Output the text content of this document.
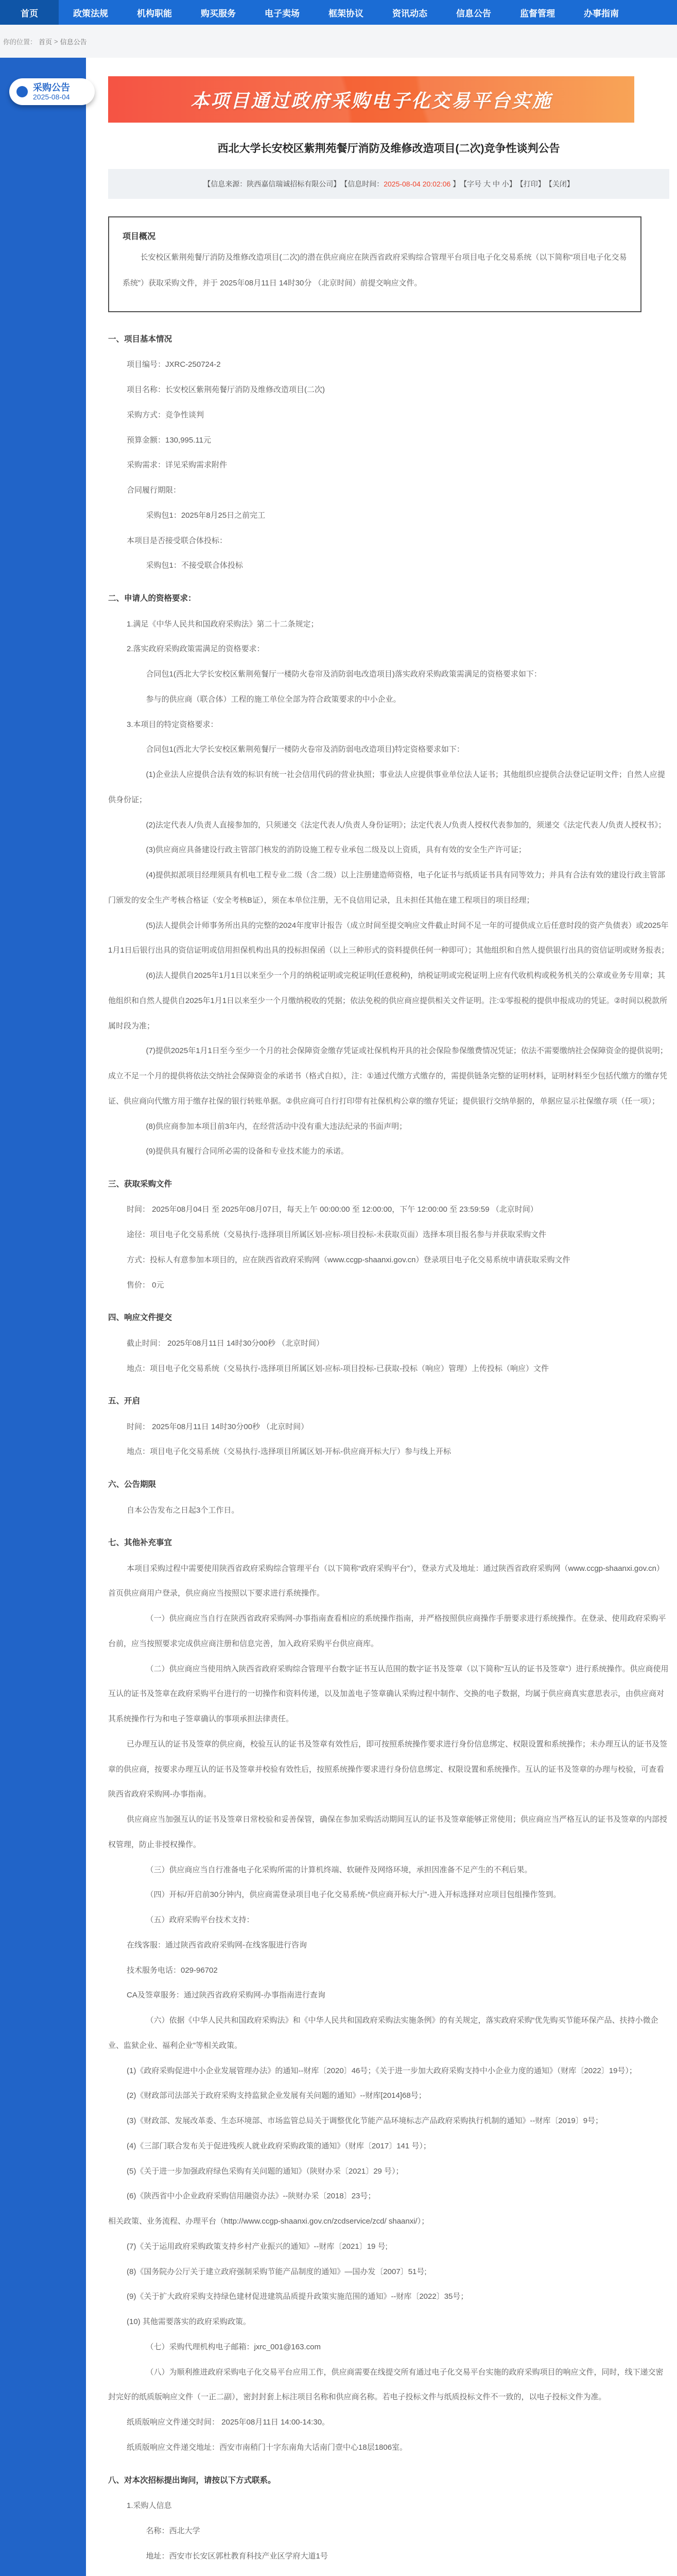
首页	政策法规	机构职能	购买服务	电子卖场	框架协议	资讯动态	信息公告	监督管理	办事指南
你的位置： 首页 > 信息公告
采购公告
2025-08-04	本项目通过政府采购电子化交易平台实施
西北大学长安校区紫荆苑餐厅消防及维修改造项目(二次)竞争性谈判公告
【信息来源：陕西嘉信瑞诚招标有限公司】 【信息时间： 2025-08-04 20:02:06 】 【字号 大 中 小】 【打印】 【关闭】
项目概况
长安校区紫荆苑餐厅消防及维修改造项目(二次)的潜在供应商应在陕西省政府采购综合管理平台项目电子化交易系统（以下简称“项目电子化交易系统”）获取采购文件，并于 2025年08月11日 14时30分 （北京时间）前提交响应文件。
一、项目基本情况
项目编号：JXRC-250724-2
项目名称：长安校区紫荆苑餐厅消防及维修改造项目(二次)
采购方式：竞争性谈判
预算金额：130,995.11元
采购需求：详见采购需求附件
合同履行期限：
采购包1：2025年8月25日之前完工
本项目是否接受联合体投标：
采购包1：不接受联合体投标
二、申请人的资格要求：
1.满足《中华人民共和国政府采购法》第二十二条规定；
2.落实政府采购政策需满足的资格要求：
合同包1(西北大学长安校区紫荆苑餐厅一楼防火卷帘及消防弱电改造项目)落实政府采购政策需满足的资格要求如下：
参与的供应商（联合体）工程的施工单位全部为符合政策要求的中小企业。
3.本项目的特定资格要求：
合同包1(西北大学长安校区紫荆苑餐厅一楼防火卷帘及消防弱电改造项目)特定资格要求如下：
(1)企业法人应提供合法有效的标识有统一社会信用代码的营业执照；事业法人应提供事业单位法人证书；其他组织应提供合法登记证明文件；自然人应提供身份证；
(2)法定代表人/负责人直接参加的，只须递交《法定代表人/负责人身份证明》；法定代表人/负责人授权代表参加的，须递交《法定代表人/负责人授权书》；
(3)供应商应具备建设行政主管部门核发的消防设施工程专业承包二级及以上资质，具有有效的安全生产许可证；
(4)提供拟派项目经理须具有机电工程专业二级（含二级）以上注册建造师资格，电子化证书与纸质证书具有同等效力；并具有合法有效的建设行政主管部门颁发的安全生产考核合格证（安全考核B证），须在本单位注册，无不良信用记录，且未担任其他在建工程项目的项目经理；
(5)法人提供会计师事务所出具的完整的2024年度审计报告（成立时间至提交响应文件截止时间不足一年的可提供成立后任意时段的资产负债表）或2025年1月1日后银行出具的资信证明或信用担保机构出具的投标担保函（以上三种形式的资料提供任何一种即可）；其他组织和自然人提供银行出具的资信证明或财务报表；
(6)法人提供自2025年1月1日以来至少一个月的纳税证明或完税证明(任意税种)，纳税证明或完税证明上应有代收机构或税务机关的公章或业务专用章；其他组织和自然人提供自2025年1月1日以来至少一个月缴纳税收的凭据；依法免税的供应商应提供相关文件证明。注:①零报税的提供申报成功的凭证。②时间以税款所属时段为准；
(7)提供2025年1月1日至今至少一个月的社会保障资金缴存凭证或社保机构开具的社会保险参保缴费情况凭证；依法不需要缴纳社会保障资金的提供说明；成立不足一个月的提供将依法交纳社会保障资金的承诺书（格式自拟），注：①通过代缴方式缴存的，需提供链条完整的证明材料，证明材料至少包括代缴方的缴存凭证、供应商向代缴方用于缴存社保的银行转账单据。②供应商可自行打印带有社保机构公章的缴存凭证；提供银行交纳单据的，单据应显示社保缴存项（任一项）；
(8)供应商参加本项目前3年内，在经营活动中没有重大违法纪录的书面声明；
(9)提供具有履行合同所必需的设备和专业技术能力的承诺。
三、获取采购文件
时间： 2025年08月04日 至 2025年08月07日，每天上午 00:00:00 至 12:00:00，下午 12:00:00 至 23:59:59 （北京时间）
途径：项目电子化交易系统（交易执行-选择项目所属区划-应标-项目投标-未获取页面）选择本项目报名参与并获取采购文件
方式：投标人有意参加本项目的，应在陕西省政府采购网（www.ccgp-shaanxi.gov.cn）登录项目电子化交易系统申请获取采购文件
售价： 0元
四、响应文件提交
截止时间： 2025年08月11日 14时30分00秒 （北京时间）
地点：项目电子化交易系统（交易执行-选择项目所属区划-应标-项目投标-已获取-投标（响应）管理）上传投标（响应）文件
五、开启
时间： 2025年08月11日 14时30分00秒 （北京时间）
地点：项目电子化交易系统（交易执行-选择项目所属区划-开标-供应商开标大厅）参与线上开标
六、公告期限
自本公告发布之日起3个工作日。
七、其他补充事宜
本项目采购过程中需要使用陕西省政府采购综合管理平台（以下简称“政府采购平台”），登录方式及地址：通过陕西省政府采购网（www.ccgp-shaanxi.gov.cn）首页供应商用户登录，供应商应当按照以下要求进行系统操作。
（一）供应商应当自行在陕西省政府采购网-办事指南查看相应的系统操作指南，并严格按照供应商操作手册要求进行系统操作。在登录、使用政府采购平台前，应当按照要求完成供应商注册和信息完善，加入政府采购平台供应商库。
（二）供应商应当使用纳入陕西省政府采购综合管理平台数字证书互认范围的数字证书及签章（以下简称“互认的证书及签章”）进行系统操作。供应商使用互认的证书及签章在政府采购平台进行的一切操作和资料传递，以及加盖电子签章确认采购过程中制作、交换的电子数据，均属于供应商真实意思表示，由供应商对其系统操作行为和电子签章确认的事项承担法律责任。
已办理互认的证书及签章的供应商，校验互认的证书及签章有效性后，即可按照系统操作要求进行身份信息绑定、权限设置和系统操作；未办理互认的证书及签章的供应商，按要求办理互认的证书及签章并校验有效性后，按照系统操作要求进行身份信息绑定、权限设置和系统操作。互认的证书及签章的办理与校验，可查看陕西省政府采购网-办事指南。
供应商应当加强互认的证书及签章日常校验和妥善保管，确保在参加采购活动期间互认的证书及签章能够正常使用；供应商应当严格互认的证书及签章的内部授权管理，防止非授权操作。
（三）供应商应当自行准备电子化采购所需的计算机终端、软硬件及网络环境，承担因准备不足产生的不利后果。
（四）开标/开启前30分钟内，供应商需登录项目电子化交易系统-“供应商开标大厅”-进入开标选择对应项目包组操作签到。
（五）政府采购平台技术支持：
在线客服：通过陕西省政府采购网-在线客服进行咨询
技术服务电话：029-96702
CA及签章服务：通过陕西省政府采购网-办事指南进行查询
（六）依据《中华人民共和国政府采购法》和《中华人民共和国政府采购法实施条例》的有关规定，落实政府采购“优先购买节能环保产品、扶持小微企业、监狱企业、福利企业”等相关政策。
(1)《政府采购促进中小企业发展管理办法》的通知--财库〔2020〕46号；《关于进一步加大政府采购支持中小企业力度的通知》（财库〔2022〕19号）；
(2)《财政部司法部关于政府采购支持监狱企业发展有关问题的通知》--财库[2014]68号；
(3)《财政部、发展改革委、生态环境部、市场监管总局关于调整优化节能产品环境标志产品政府采购执行机制的通知》--财库〔2019〕9号；
(4)《三部门联合发布关于促进残疾人就业政府采购政策的通知》（财库〔2017〕141 号）；
(5)《关于进一步加强政府绿色采购有关问题的通知》（陕财办采〔2021〕29 号）；
(6)《陕西省中小企业政府采购信用融资办法》--陕财办采〔2018〕23号；
相关政策、业务流程、办理平台（http://www.ccgp-shaanxi.gov.cn/zcdservice/zcd/ shaanxi/）；
(7)《关于运用政府采购政策支持乡村产业振兴的通知》--财库〔2021〕19 号;
(8)《国务院办公厅关于建立政府强制采购节能产品制度的通知》—国办发〔2007〕51号;
(9)《关于扩大政府采购支持绿色建材促进建筑品质提升政策实施范围的通知》--财库〔2022〕35号；
(10) 其他需要落实的政府采购政策。
（七）采购代理机构电子邮箱：jxrc_001@163.com
（八）为顺利推进政府采购电子化交易平台应用工作，供应商需要在线提交所有通过电子化交易平台实施的政府采购项目的响应文件，同时，线下递交密封完好的纸质版响应文件（一正二副），密封封套上标注项目名称和供应商名称。若电子投标文件与纸质投标文件不一致的，以电子投标文件为准。
纸质版响应文件递交时间： 2025年08月11日 14:00-14:30。
纸质版响应文件递交地址：西安市南稍门十字东南角大话南门壹中心18层1806室。
八、对本次招标提出询问，请按以下方式联系。
1.采购人信息
名称：西北大学
地址：西安市长安区郭杜教育科技产业区学府大道1号
